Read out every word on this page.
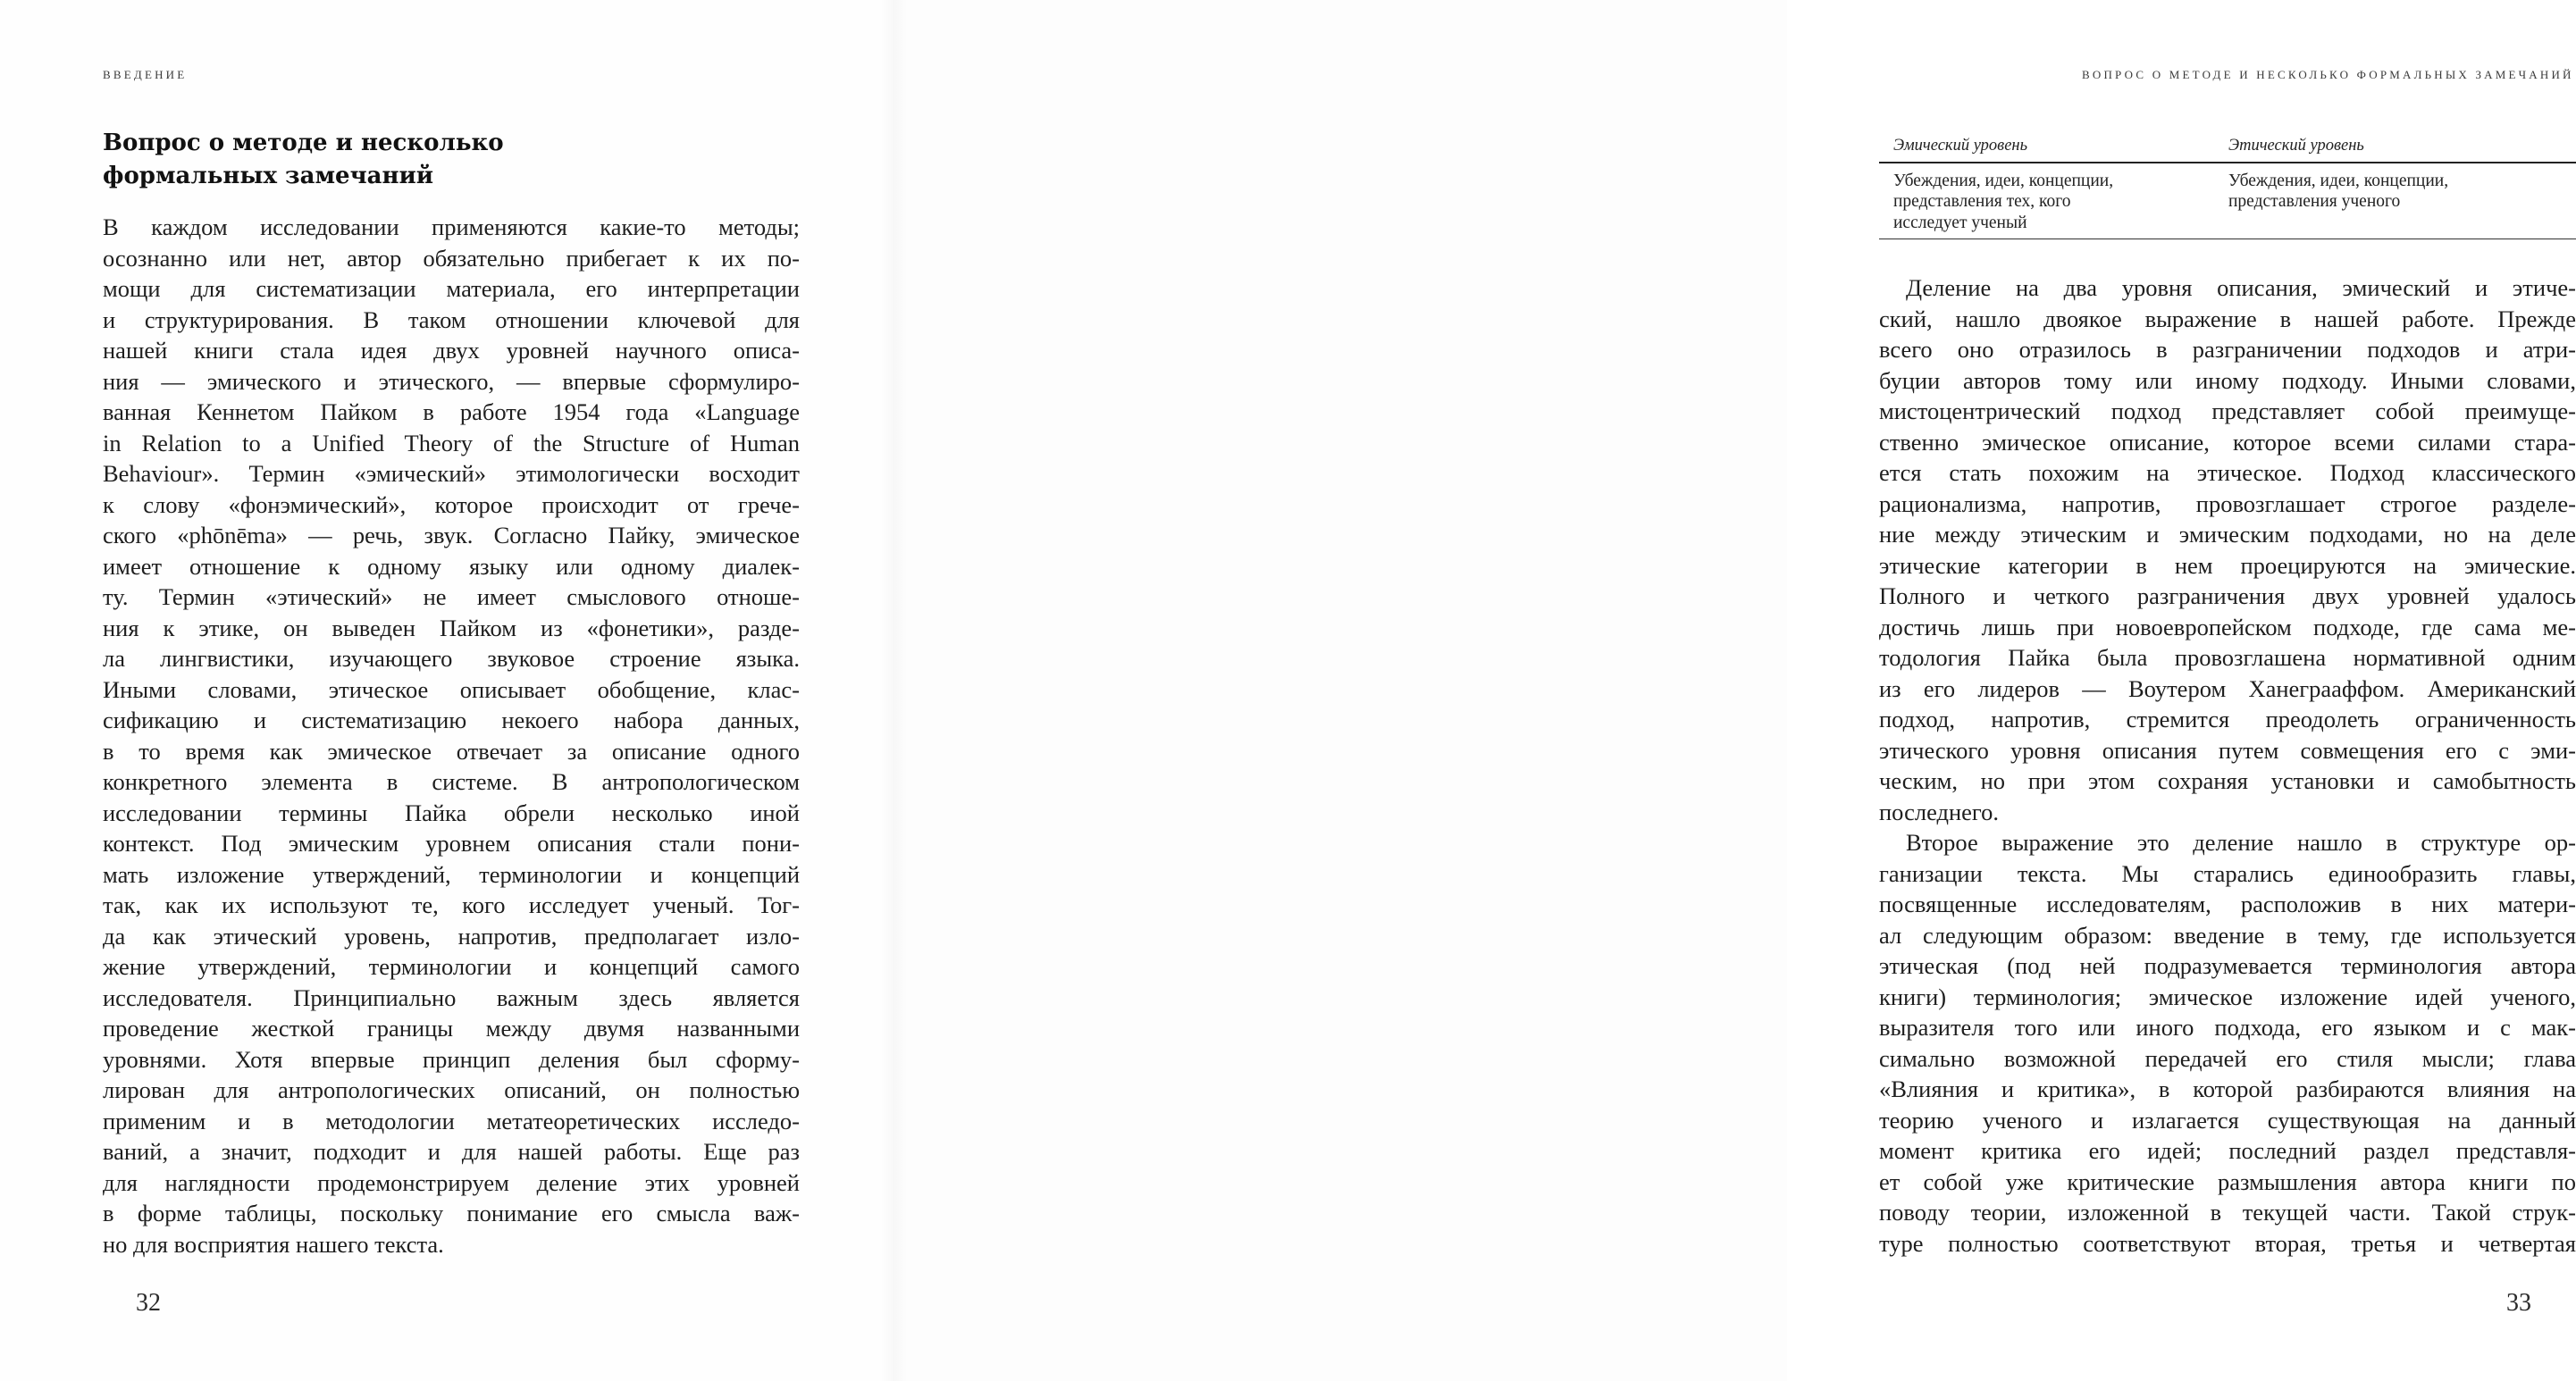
ВВЕДЕНИЕ
Вопрос о методе и несколько
формальных замечаний
В каждом исследовании применяются какие-то методы;
осознанно или нет, автор обязательно прибегает к их по-
мощи для систематизации материала, его интерпретации
и структурирования. В таком отношении ключевой для
нашей книги стала идея двух уровней научного описа-
ния — эмического и этического, — впервые сформулиро-
ванная Кеннетом Пайком в работе 1954 года «Language
in Relation to a Unified Theory of the Structure of Human
Behaviour». Термин «эмический» этимологически восходит
к слову «фонэмический», которое происходит от грече-
ского «phōnēma» — речь, звук. Согласно Пайку, эмическое
имеет отношение к одному языку или одному диалек-
ту. Термин «этический» не имеет смыслового отноше-
ния к этике, он выведен Пайком из «фонетики», разде-
ла лингвистики, изучающего звуковое строение языка.
Иными словами, этическое описывает обобщение, клас-
сификацию и систематизацию некоего набора данных,
в то время как эмическое отвечает за описание одного
конкретного элемента в системе. В антропологическом
исследовании термины Пайка обрели несколько иной
контекст. Под эмическим уровнем описания стали пони-
мать изложение утверждений, терминологии и концепций
так, как их используют те, кого исследует ученый. Тог-
да как этический уровень, напротив, предполагает изло-
жение утверждений, терминологии и концепций самого
исследователя. Принципиально важным здесь является
проведение жесткой границы между двумя названными
уровнями. Хотя впервые принцип деления был сформу-
лирован для антропологических описаний, он полностью
применим и в методологии метатеоретических исследо-
ваний, а значит, подходит и для нашей работы. Еще раз
для наглядности продемонстрируем деление этих уровней
в форме таблицы, поскольку понимание его смысла важ-
но для восприятия нашего текста.
32
ВОПРОС О МЕТОДЕ И НЕСКОЛЬКО ФОРМАЛЬНЫХ ЗАМЕЧАНИЙ
Эмический уровень	Этический уровень
Убеждения, идеи, концепции,
представления тех, кого
исследует ученый
Убеждения, идеи, концепции,
представления ученого
Деление на два уровня описания, эмический и этиче-
ский, нашло двоякое выражение в нашей работе. Прежде
всего оно отразилось в разграничении подходов и атри-
буции авторов тому или иному подходу. Иными словами,
мистоцентрический подход представляет собой преимуще-
ственно эмическое описание, которое всеми силами стара-
ется стать похожим на этическое. Подход классического
рационализма, напротив, провозглашает строгое разделе-
ние между этическим и эмическим подходами, но на деле
этические категории в нем проецируются на эмические.
Полного и четкого разграничения двух уровней удалось
достичь лишь при новоевропейском подходе, где сама ме-
тодология Пайка была провозглашена нормативной одним
из его лидеров — Воутером Ханеграаффом. Американский
подход, напротив, стремится преодолеть ограниченность
этического уровня описания путем совмещения его с эми-
ческим, но при этом сохраняя установки и самобытность
последнего.
Второе выражение это деление нашло в структуре ор-
ганизации текста. Мы старались единообразить главы,
посвященные исследователям, расположив в них матери-
ал следующим образом: введение в тему, где используется
этическая (под ней подразумевается терминология автора
книги) терминология; эмическое изложение идей ученого,
выразителя того или иного подхода, его языком и с мак-
симально возможной передачей его стиля мысли; глава
«Влияния и критика», в которой разбираются влияния на
теорию ученого и излагается существующая на данный
момент критика его идей; последний раздел представля-
ет собой уже критические размышления автора книги по
поводу теории, изложенной в текущей части. Такой струк-
туре полностью соответствуют вторая, третья и четвертая
33
